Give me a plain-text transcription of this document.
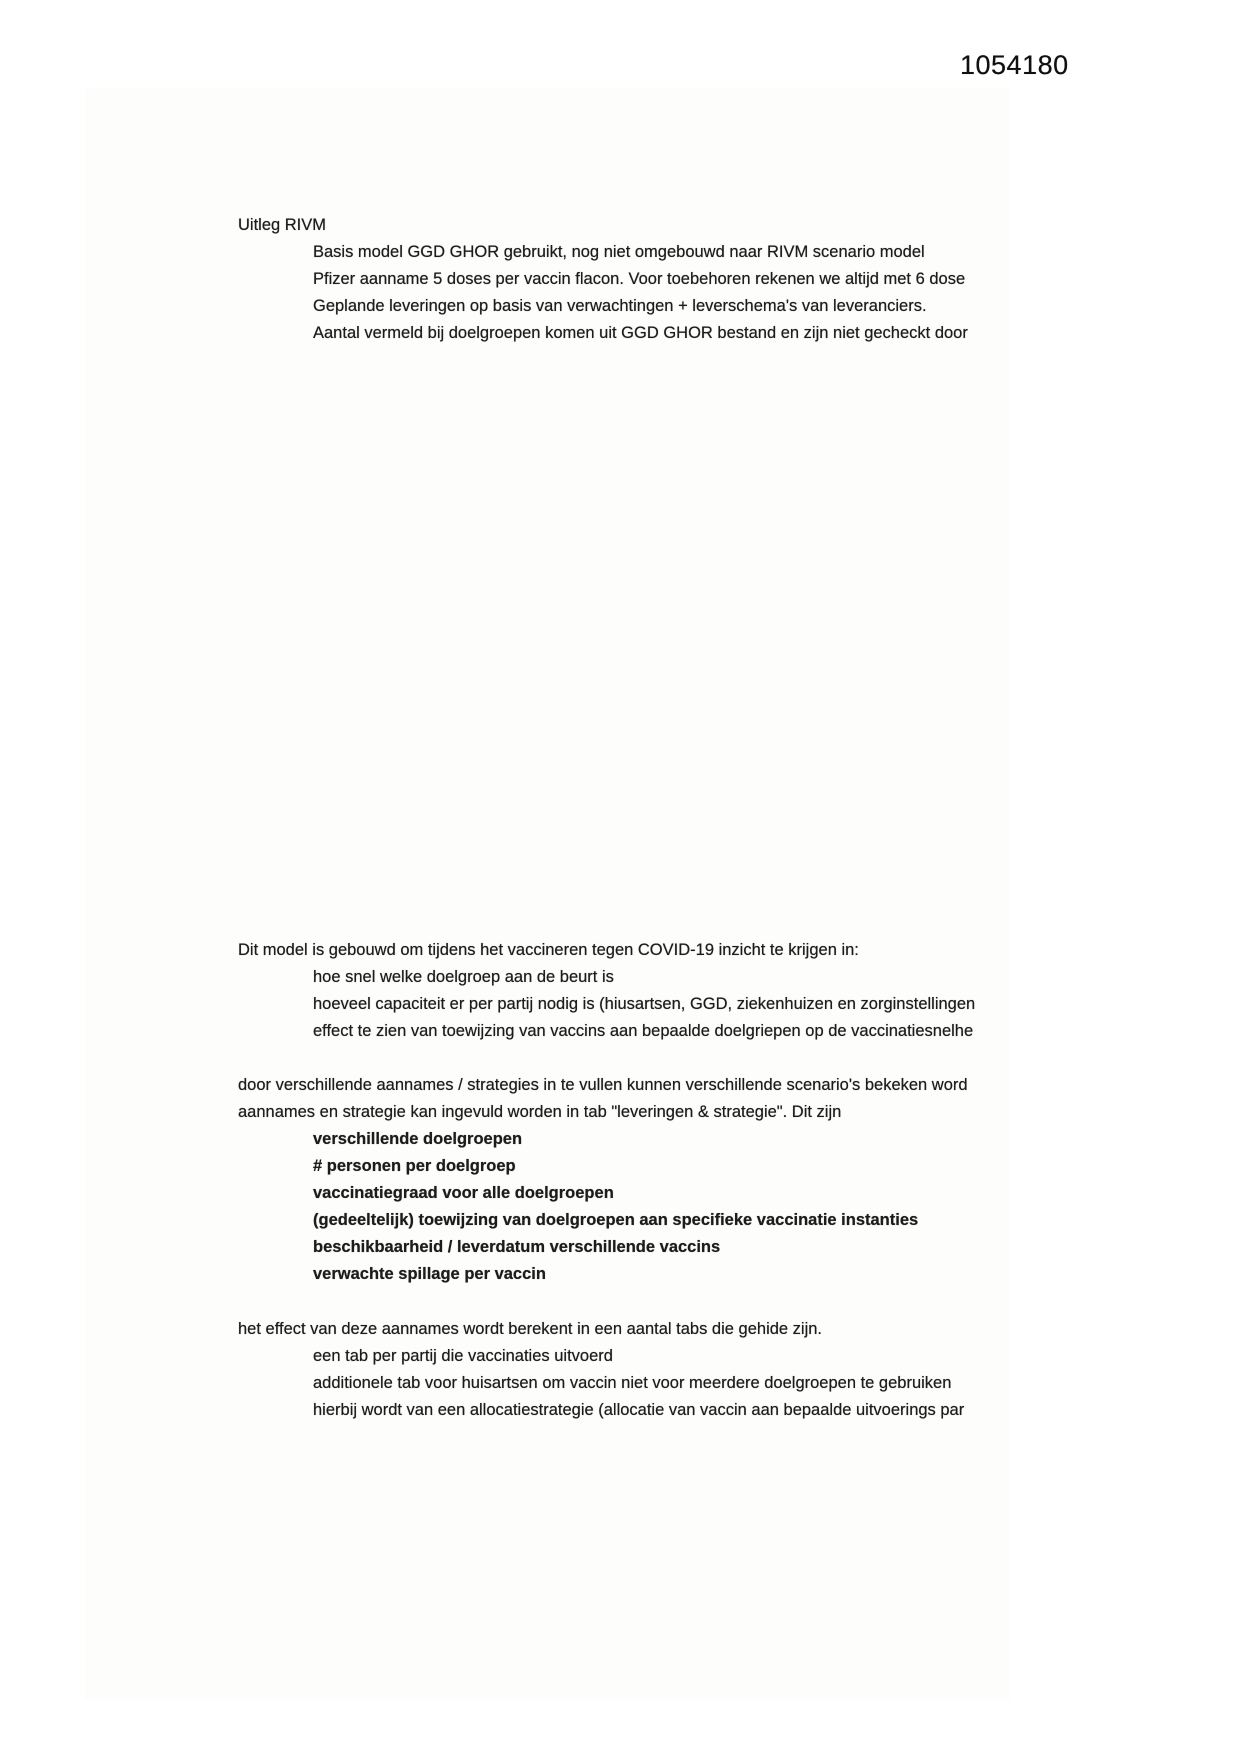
1054180
Uitleg RIVM
Basis model GGD GHOR gebruikt, nog niet omgebouwd naar RIVM scenario model
Pfizer aanname 5 doses per vaccin flacon. Voor toebehoren rekenen we altijd met 6 dose
Geplande leveringen op basis van verwachtingen + leverschema's van leveranciers.
Aantal vermeld bij doelgroepen komen uit GGD GHOR bestand en zijn niet gecheckt door
Dit model is gebouwd om tijdens het vaccineren tegen COVID-19 inzicht te krijgen in:
hoe snel welke doelgroep aan de beurt is
hoeveel capaciteit er per partij nodig is (hiusartsen, GGD, ziekenhuizen en zorginstellingen
effect te zien van toewijzing van vaccins aan bepaalde doelgriepen op de vaccinatiesnelhe
door verschillende aannames / strategies in te vullen kunnen verschillende scenario's bekeken word
aannames en strategie kan ingevuld worden in tab "leveringen & strategie". Dit zijn
verschillende doelgroepen
# personen per doelgroep
vaccinatiegraad voor alle doelgroepen
(gedeeltelijk) toewijzing van doelgroepen aan specifieke vaccinatie instanties
beschikbaarheid / leverdatum verschillende vaccins
verwachte spillage per vaccin
het effect van deze aannames wordt berekent in een aantal tabs die gehide zijn.
een tab per partij die vaccinaties uitvoerd
additionele tab voor huisartsen om vaccin niet voor meerdere doelgroepen te gebruiken
hierbij wordt van een allocatiestrategie (allocatie van vaccin aan bepaalde uitvoerings par
